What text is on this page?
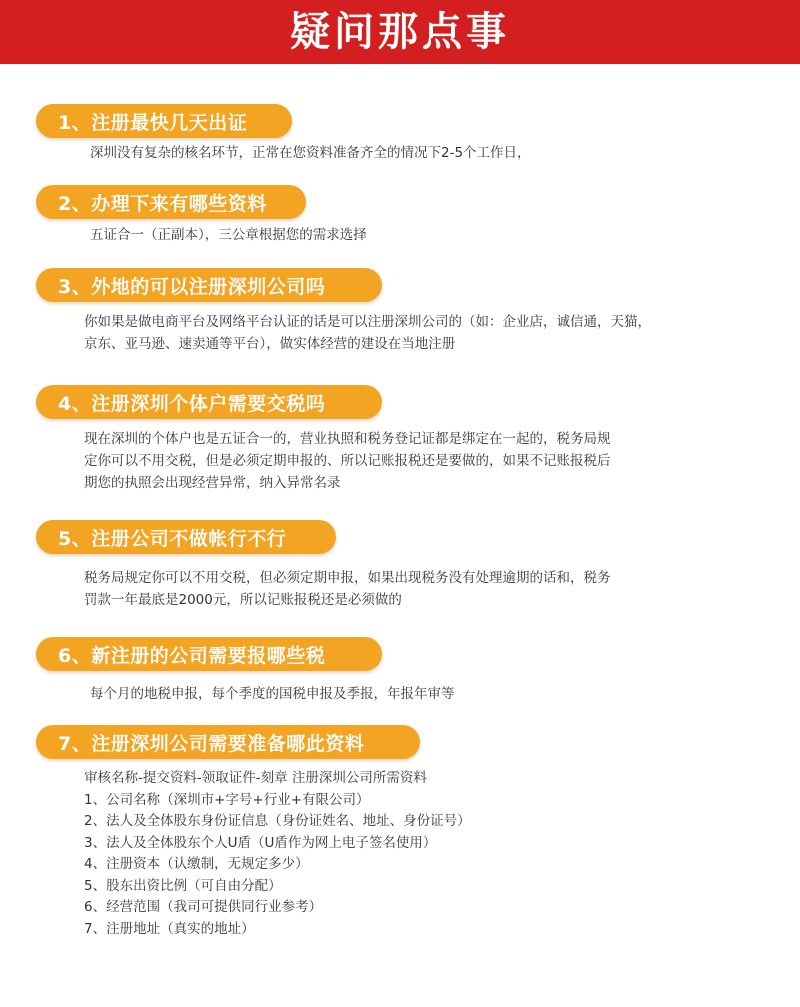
疑问那点事
1、注册最快几天出证
深圳没有复杂的核名环节，正常在您资料准备齐全的情况下2-5个工作日，
2、办理下来有哪些资料
五证合一（正副本），三公章根据您的需求选择
3、外地的可以注册深圳公司吗
你如果是做电商平台及网络平台认证的话是可以注册深圳公司的（如：企业店，诚信通，天猫，
京东、亚马逊、速卖通等平台），做实体经营的建设在当地注册
4、注册深圳个体户需要交税吗
现在深圳的个体户也是五证合一的，营业执照和税务登记证都是绑定在一起的，税务局规
定你可以不用交税，但是必须定期申报的、所以记账报税还是要做的，如果不记账报税后
期您的执照会出现经营异常，纳入异常名录
5、注册公司不做帐行不行
税务局规定你可以不用交税，但必须定期申报，如果出现税务没有处理逾期的话和，税务
罚款一年最底是2000元，所以记账报税还是必须做的
6、新注册的公司需要报哪些税
每个月的地税申报，每个季度的国税申报及季报，年报年审等
7、注册深圳公司需要准备哪此资料
审核名称-提交资料-领取证件-刻章 注册深圳公司所需资料
1、公司名称（深圳市+字号+行业+有限公司）
2、法人及全体股东身份证信息（身份证姓名、地址、身份证号）
3、法人及全体股东个人U盾（U盾作为网上电子签名使用）
4、注册资本（认缴制，无规定多少）
5、股东出资比例（可自由分配）
6、经营范围（我司可提供同行业参考）
7、注册地址（真实的地址）
